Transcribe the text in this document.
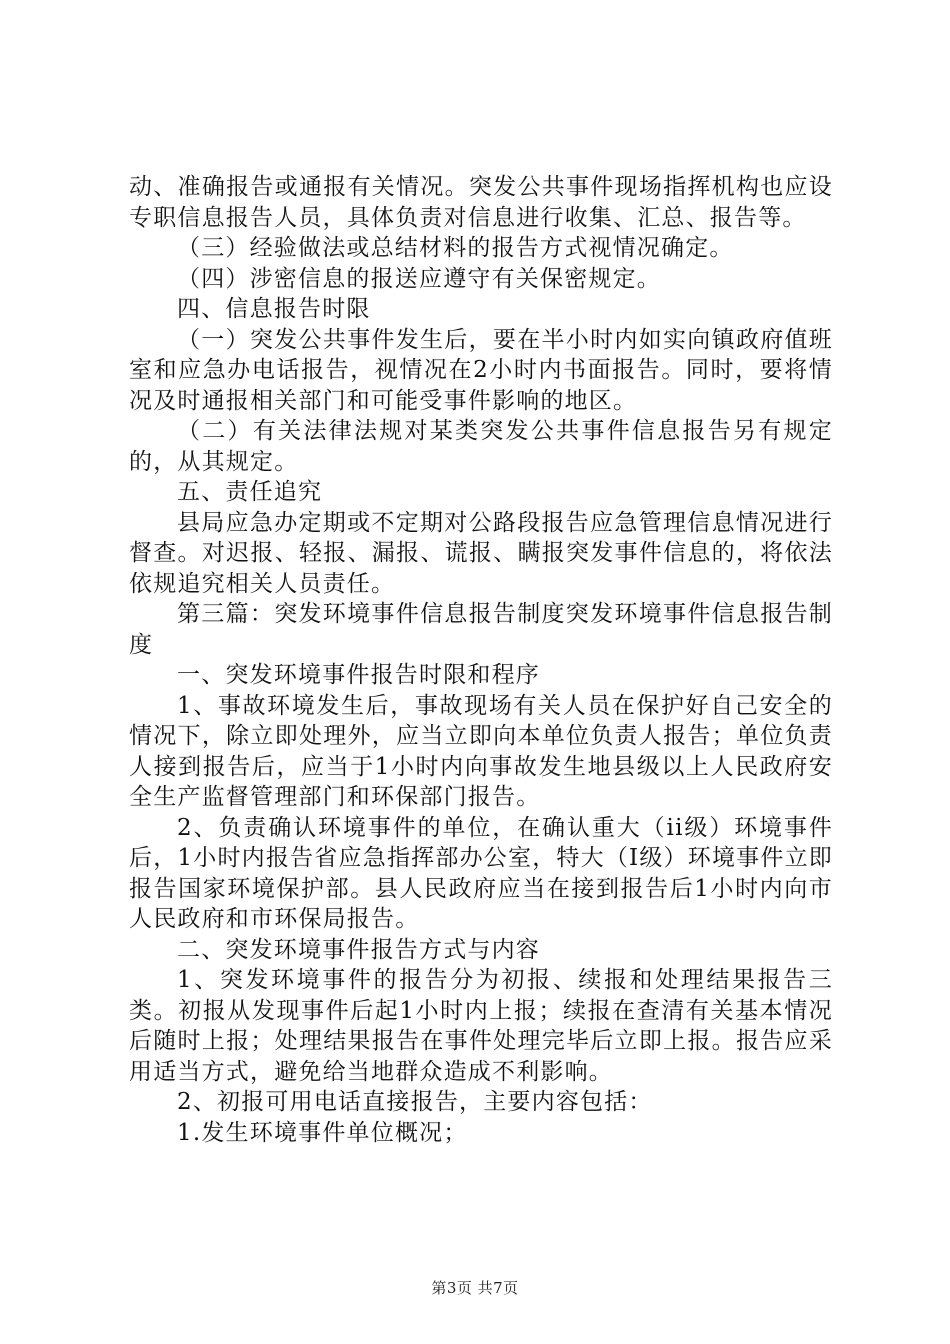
动、准确报告或通报有关情况。突发公共事件现场指挥机构也应设专职信息报告人员，具体负责对信息进行收集、汇总、报告等。

（三）经验做法或总结材料的报告方式视情况确定。

（四）涉密信息的报送应遵守有关保密规定。

四、信息报告时限

（一）突发公共事件发生后，要在半小时内如实向镇政府值班室和应急办电话报告，视情况在2小时内书面报告。同时，要将情况及时通报相关部门和可能受事件影响的地区。

（二）有关法律法规对某类突发公共事件信息报告另有规定的，从其规定。

五、责任追究

县局应急办定期或不定期对公路段报告应急管理信息情况进行督查。对迟报、轻报、漏报、谎报、瞒报突发事件信息的，将依法依规追究相关人员责任。

第三篇：突发环境事件信息报告制度突发环境事件信息报告制度

一、突发环境事件报告时限和程序

1、事故环境发生后，事故现场有关人员在保护好自己安全的情况下，除立即处理外，应当立即向本单位负责人报告；单位负责人接到报告后，应当于1小时内向事故发生地县级以上人民政府安全生产监督管理部门和环保部门报告。

2、负责确认环境事件的单位，在确认重大（ii级）环境事件后，1小时内报告省应急指挥部办公室，特大（Ⅰ级）环境事件立即报告国家环境保护部。县人民政府应当在接到报告后1小时内向市人民政府和市环保局报告。

二、突发环境事件报告方式与内容

1、突发环境事件的报告分为初报、续报和处理结果报告三类。初报从发现事件后起1小时内上报；续报在查清有关基本情况后随时上报；处理结果报告在事件处理完毕后立即上报。报告应采用适当方式，避免给当地群众造成不利影响。

2、初报可用电话直接报告，主要内容包括：

1.发生环境事件单位概况；

第3页 共7页
